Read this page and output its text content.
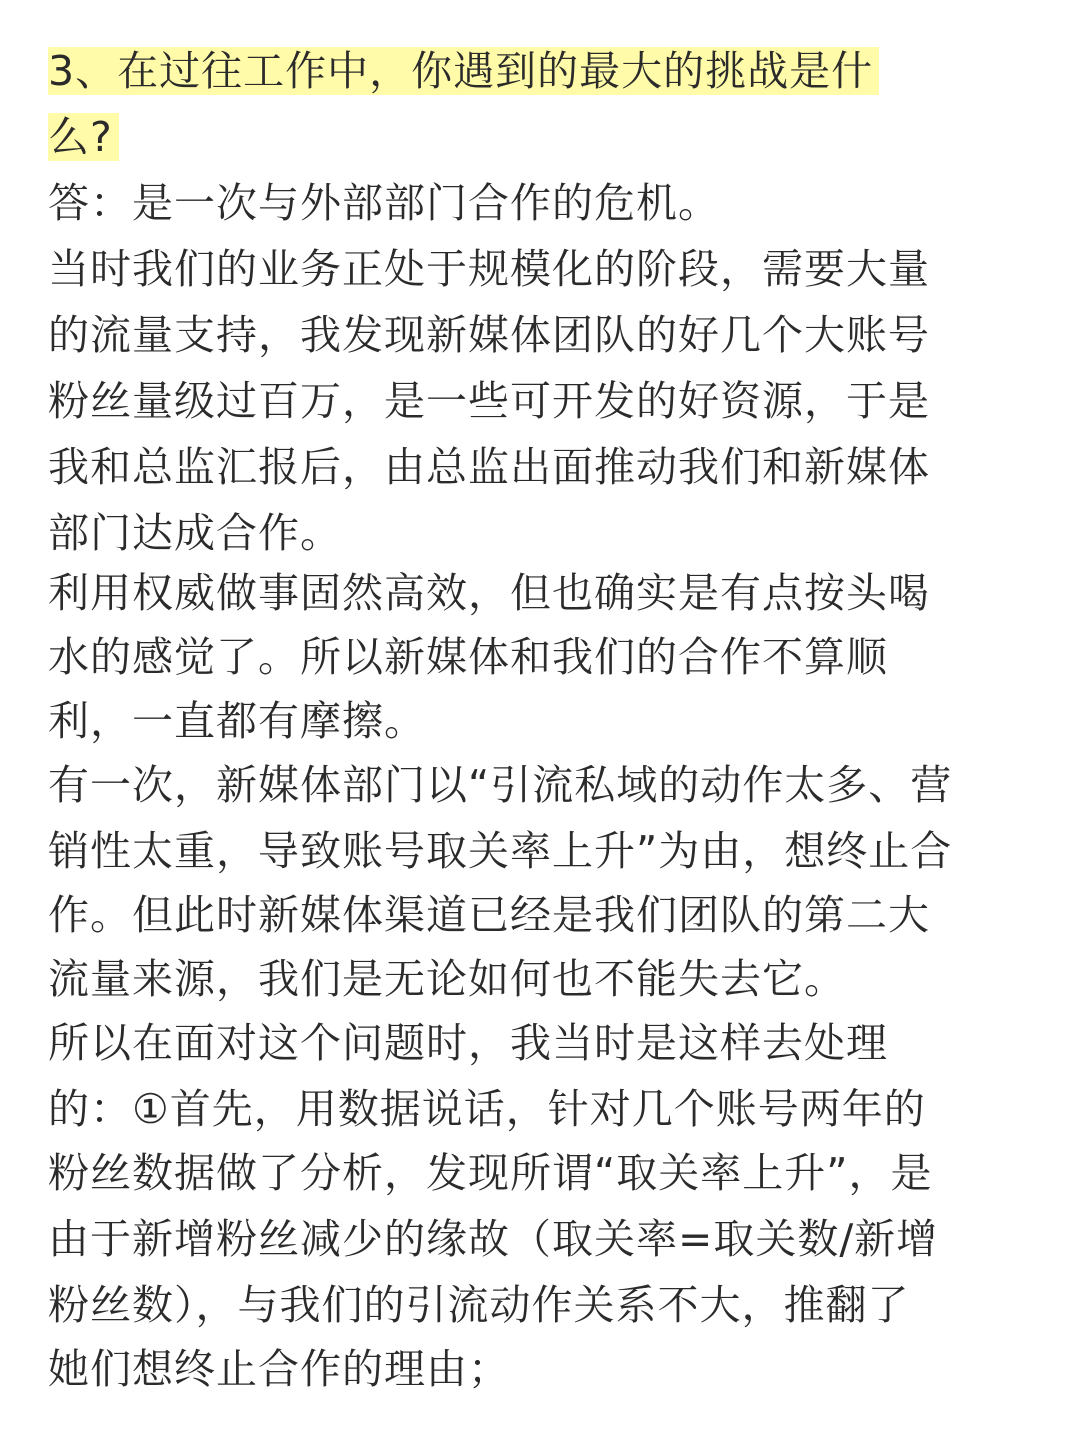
3、在过往工作中，你遇到的最大的挑战是什
么?
答：是一次与外部部门合作的危机。
当时我们的业务正处于规模化的阶段，需要大量
的流量支持，我发现新媒体团队的好几个大账号
粉丝量级过百万，是一些可开发的好资源，于是
我和总监汇报后，由总监出面推动我们和新媒体
部门达成合作。
利用权威做事固然高效，但也确实是有点按头喝
水的感觉了。所以新媒体和我们的合作不算顺
利，一直都有摩擦。
有一次，新媒体部门以“引流私域的动作太多、营
销性太重，导致账号取关率上升”为由，想终止合
作。但此时新媒体渠道已经是我们团队的第二大
流量来源，我们是无论如何也不能失去它。
所以在面对这个问题时，我当时是这样去处理
的：①首先，用数据说话，针对几个账号两年的
粉丝数据做了分析，发现所谓“取关率上升”，是
由于新增粉丝减少的缘故（取关率=取关数/新增
粉丝数），与我们的引流动作关系不大，推翻了
她们想终止合作的理由；
